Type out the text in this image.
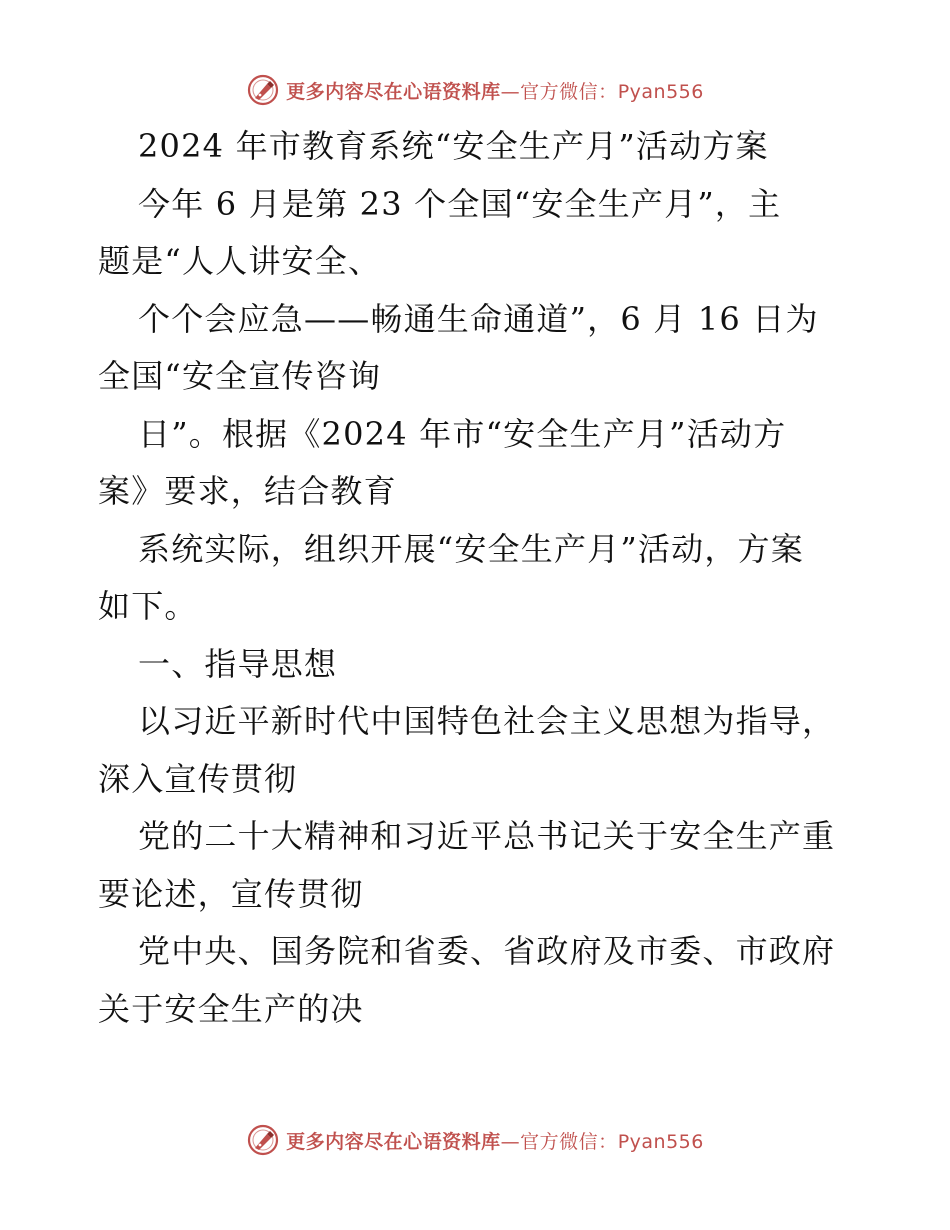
更多内容尽在心语资料库—官方微信：Pyan556
2024 年市教育系统“安全生产月”活动方案
今年 6 月是第 23 个全国“安全生产月”，主
题是“人人讲安全、
个个会应急——畅通生命通道”，6 月 16 日为
全国“安全宣传咨询
日”。根据《2024 年市“安全生产月”活动方
案》要求，结合教育
系统实际，组织开展“安全生产月”活动，方案
如下。
一、指导思想
以习近平新时代中国特色社会主义思想为指导，
深入宣传贯彻
党的二十大精神和习近平总书记关于安全生产重
要论述，宣传贯彻
党中央、国务院和省委、省政府及市委、市政府
关于安全生产的决
更多内容尽在心语资料库—官方微信：Pyan556
